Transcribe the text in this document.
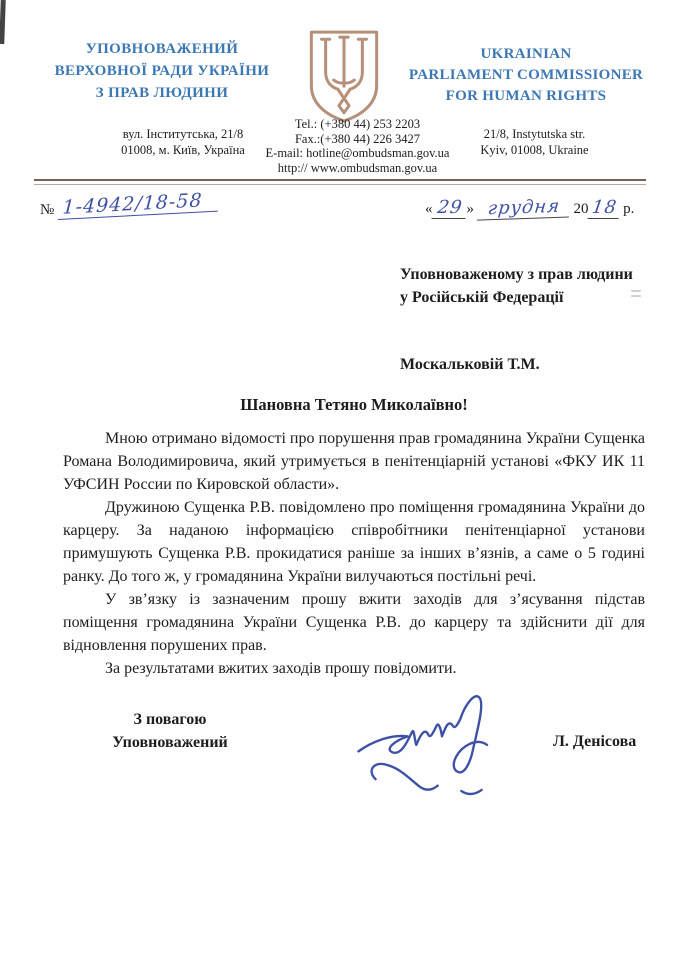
УПОВНОВАЖЕНИЙ
ВЕРХОВНОЇ РАДИ УКРАЇНИ
З ПРАВ ЛЮДИНИ
UKRAINIAN
PARLIAMENT COMMISSIONER
FOR HUMAN RIGHTS
вул. Інститутська, 21/8
01008, м. Київ, Україна
Tel.: (+380 44) 253 2203
Fax.:(+380 44) 226 3427
E-mail: hotline@ombudsman.gov.ua
http:// www.ombudsman.gov.ua
21/8, Instytutska str.
Kyiv, 01008, Ukraine
№ 1-4942/18-58	« 29 » грудня 2018 р.
Уповноваженому з прав людини
у Російській Федерації
Москальковій Т.М.
Шановна Тетяно Миколаївно!

Мною отримано відомості про порушення прав громадянина України Сущенка Романа Володимировича, який утримується в пенітенціарній установі «ФКУ ИК 11 УФСИН России по Кировской области».

Дружиною Сущенка Р.В. повідомлено про поміщення громадянина України до карцеру. За наданою інформацією співробітники пенітенціарної установи примушують Сущенка Р.В. прокидатися раніше за інших в’язнів, а саме о 5 годині ранку. До того ж, у громадянина України вилучаються постільні речі.

У зв’язку із зазначеним прошу вжити заходів для з’ясування підстав поміщення громадянина України Сущенка Р.В. до карцеру та здійснити дії для відновлення порушених прав.

За результатами вжитих заходів прошу повідомити.

З повагою
Уповноважений	Л. Денісова
